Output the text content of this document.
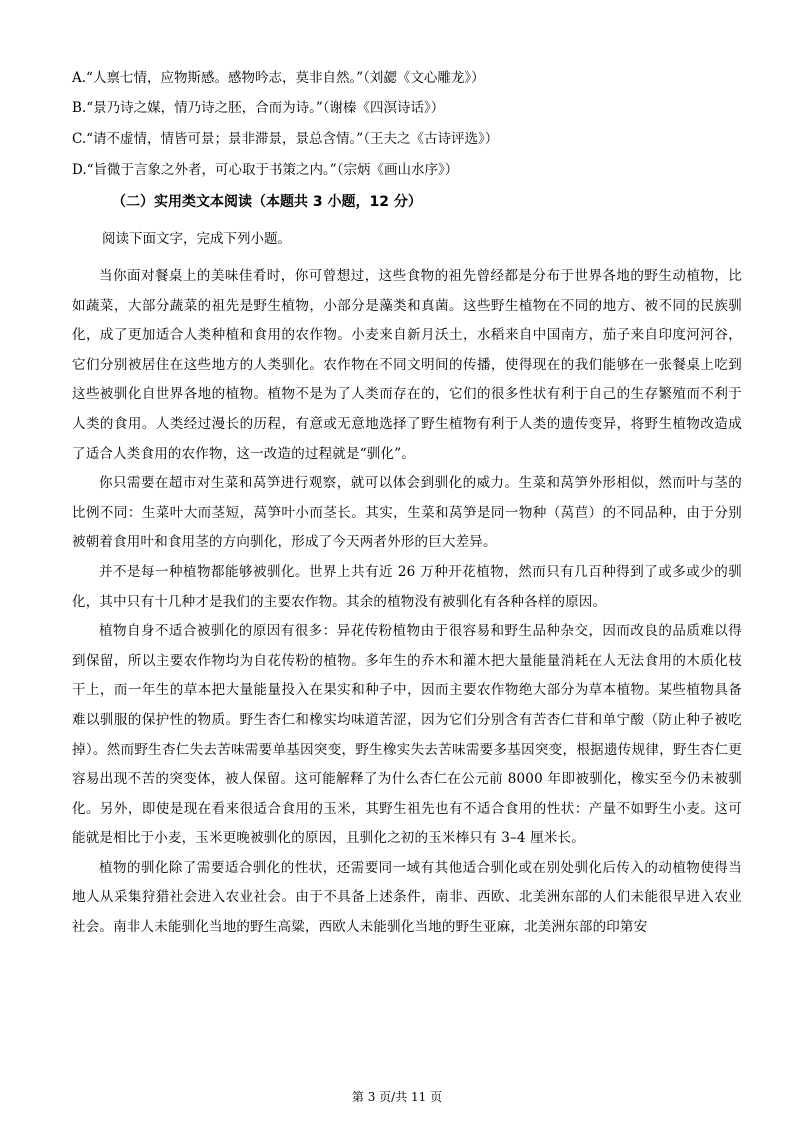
A.“人禀七情，应物斯感。感物吟志，莫非自然。”（刘勰《文心雕龙》）
B.“景乃诗之媒，情乃诗之胚，合而为诗。”（谢榛《四溟诗话》）
C.“请不虚情，情皆可景；景非滞景，景总含情。”（王夫之《古诗评选》）
D.“旨微于言象之外者，可心取于书策之内。”（宗炳《画山水序》）
（二）实用类文本阅读（本题共 3 小题，12 分）
阅读下面文字，完成下列小题。

当你面对餐桌上的美味佳肴时，你可曾想过，这些食物的祖先曾经都是分布于世界各地的野生动植物，比如蔬菜，大部分蔬菜的祖先是野生植物，小部分是藻类和真菌。这些野生植物在不同的地方、被不同的民族驯化，成了更加适合人类种植和食用的农作物。小麦来自新月沃土，水稻来自中国南方，茄子来自印度河河谷，它们分别被居住在这些地方的人类驯化。农作物在不同文明间的传播，使得现在的我们能够在一张餐桌上吃到这些被驯化自世界各地的植物。植物不是为了人类而存在的，它们的很多性状有利于自己的生存繁殖而不利于人类的食用。人类经过漫长的历程，有意或无意地选择了野生植物有利于人类的遗传变异，将野生植物改造成了适合人类食用的农作物，这一改造的过程就是“驯化”。

你只需要在超市对生菜和莴笋进行观察，就可以体会到驯化的威力。生菜和莴笋外形相似，然而叶与茎的比例不同：生菜叶大而茎短，莴笋叶小而茎长。其实，生菜和莴笋是同一物种（莴苣）的不同品种，由于分别被朝着食用叶和食用茎的方向驯化，形成了今天两者外形的巨大差异。

并不是每一种植物都能够被驯化。世界上共有近 26 万种开花植物，然而只有几百种得到了或多或少的驯化，其中只有十几种才是我们的主要农作物。其余的植物没有被驯化有各种各样的原因。

植物自身不适合被驯化的原因有很多：异花传粉植物由于很容易和野生品种杂交，因而改良的品质难以得到保留，所以主要农作物均为自花传粉的植物。多年生的乔木和灌木把大量能量消耗在人无法食用的木质化枝干上，而一年生的草本把大量能量投入在果实和种子中，因而主要农作物绝大部分为草本植物。某些植物具备难以驯服的保护性的物质。野生杏仁和橡实均味道苦涩，因为它们分别含有苦杏仁苷和单宁酸（防止种子被吃掉）。然而野生杏仁失去苦味需要单基因突变，野生橡实失去苦味需要多基因突变，根据遗传规律，野生杏仁更容易出现不苦的突变体，被人保留。这可能解释了为什么杏仁在公元前 8000 年即被驯化，橡实至今仍未被驯化。另外，即使是现在看来很适合食用的玉米，其野生祖先也有不适合食用的性状：产量不如野生小麦。这可能就是相比于小麦，玉米更晚被驯化的原因，且驯化之初的玉米棒只有 3–4 厘米长。

植物的驯化除了需要适合驯化的性状，还需要同一域有其他适合驯化或在别处驯化后传入的动植物使得当地人从采集狩猎社会进入农业社会。由于不具备上述条件，南非、西欧、北美洲东部的人们未能很早进入农业社会。南非人未能驯化当地的野生高粱，西欧人未能驯化当地的野生亚麻，北美洲东部的印第安

第 3 页/共 11 页
